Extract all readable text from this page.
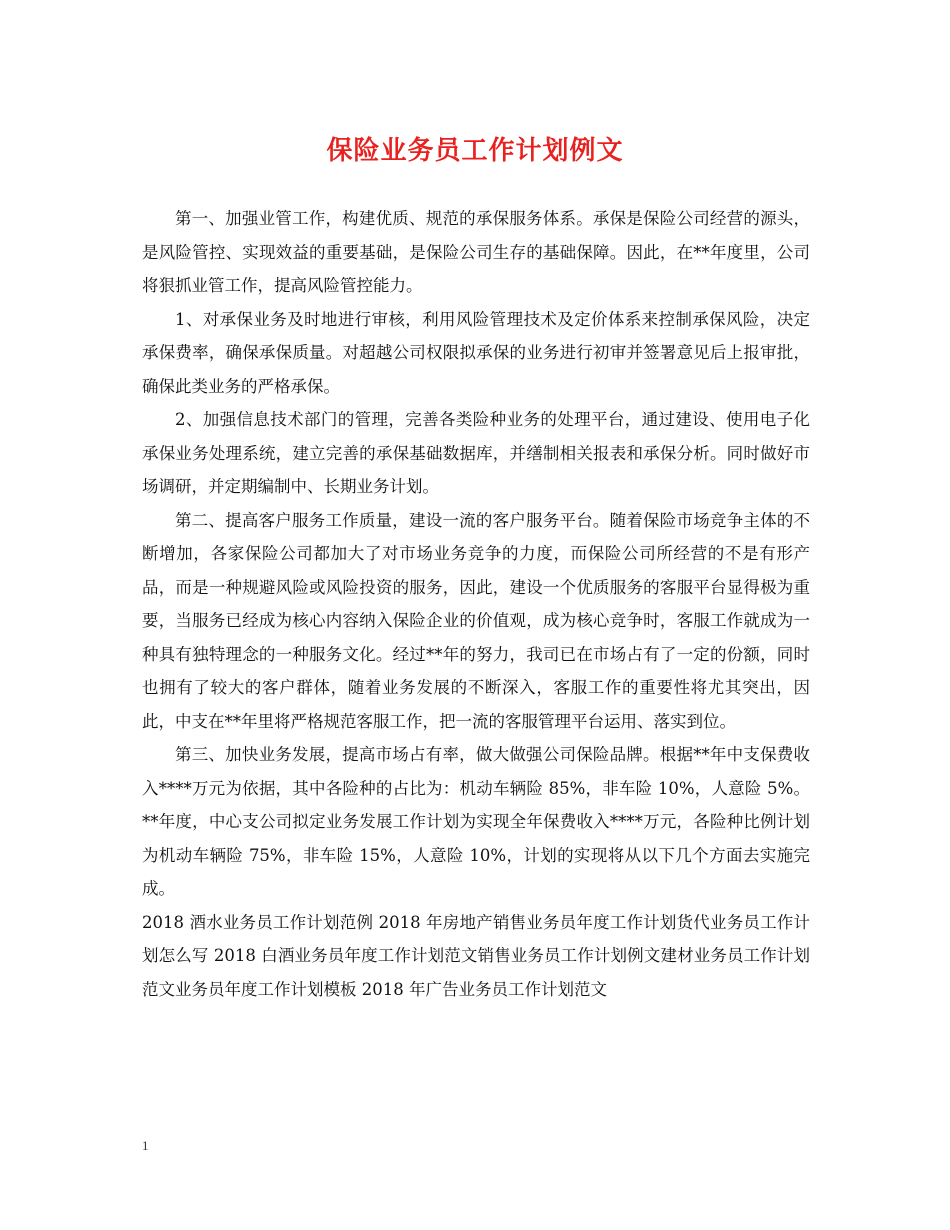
保险业务员工作计划例文

第一、加强业管工作，构建优质、规范的承保服务体系。承保是保险公司经营的源头，是风险管控、实现效益的重要基础，是保险公司生存的基础保障。因此，在**年度里，公司将狠抓业管工作，提高风险管控能力。

1、对承保业务及时地进行审核，利用风险管理技术及定价体系来控制承保风险，决定承保费率，确保承保质量。对超越公司权限拟承保的业务进行初审并签署意见后上报审批，确保此类业务的严格承保。

2、加强信息技术部门的管理，完善各类险种业务的处理平台，通过建设、使用电子化承保业务处理系统，建立完善的承保基础数据库，并缮制相关报表和承保分析。同时做好市场调研，并定期编制中、长期业务计划。

第二、提高客户服务工作质量，建设一流的客户服务平台。随着保险市场竞争主体的不断增加，各家保险公司都加大了对市场业务竞争的力度，而保险公司所经营的不是有形产品，而是一种规避风险或风险投资的服务，因此，建设一个优质服务的客服平台显得极为重要，当服务已经成为核心内容纳入保险企业的价值观，成为核心竞争时，客服工作就成为一种具有独特理念的一种服务文化。经过**年的努力，我司已在市场占有了一定的份额，同时也拥有了较大的客户群体，随着业务发展的不断深入，客服工作的重要性将尤其突出，因此，中支在**年里将严格规范客服工作，把一流的客服管理平台运用、落实到位。

第三、加快业务发展，提高市场占有率，做大做强公司保险品牌。根据**年中支保费收入****万元为依据，其中各险种的占比为：机动车辆险 85%，非车险 10%，人意险 5%。**年度，中心支公司拟定业务发展工作计划为实现全年保费收入****万元，各险种比例计划为机动车辆险 75%，非车险 15%，人意险 10%，计划的实现将从以下几个方面去实施完成。

2018 酒水业务员工作计划范例 2018 年房地产销售业务员年度工作计划货代业务员工作计划怎么写 2018 白酒业务员年度工作计划范文销售业务员工作计划例文建材业务员工作计划范文业务员年度工作计划模板 2018 年广告业务员工作计划范文

1
